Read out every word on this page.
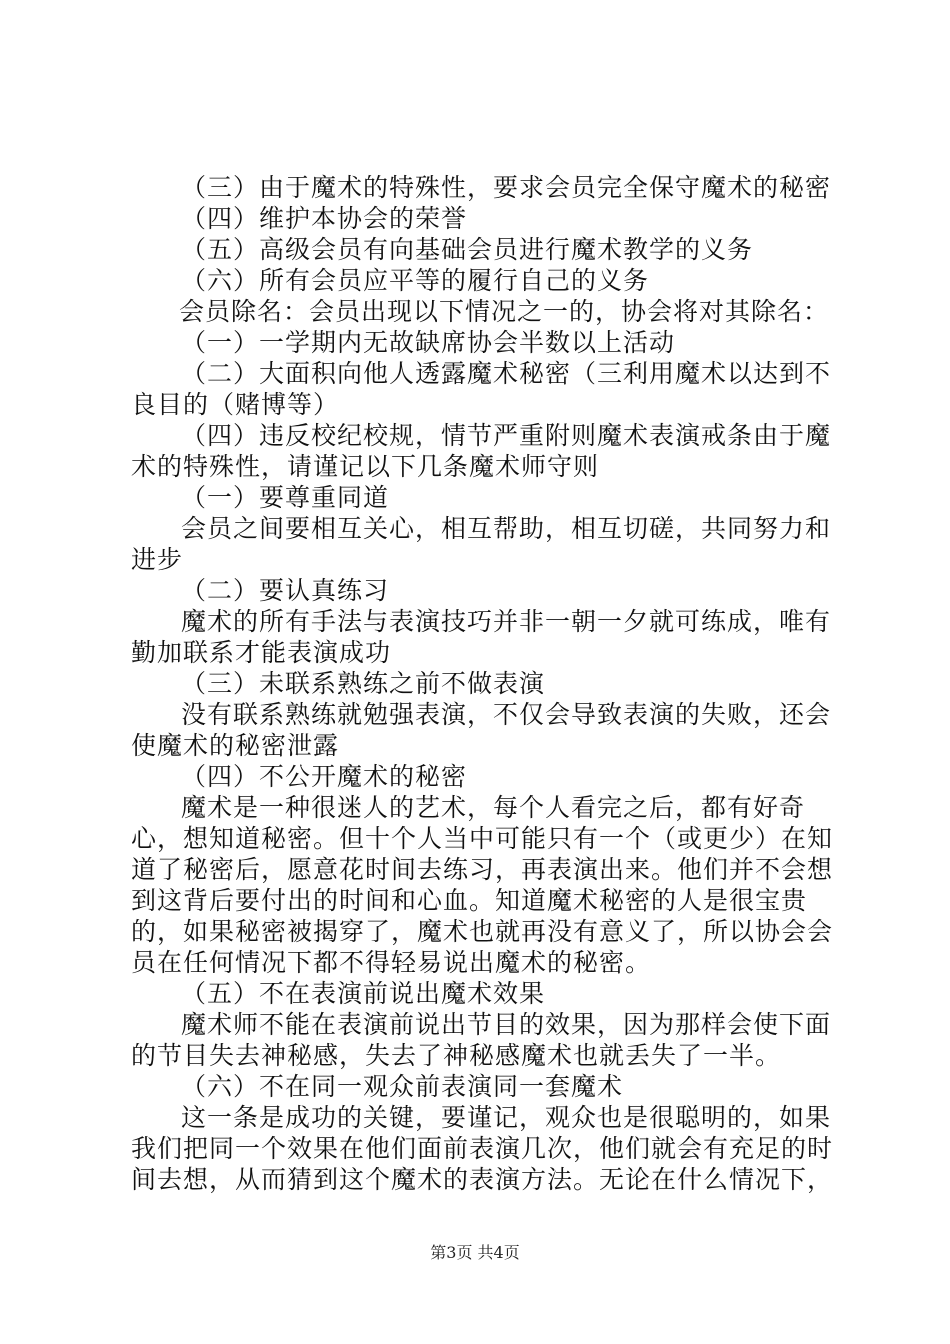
（三）由于魔术的特殊性，要求会员完全保守魔术的秘密

（四）维护本协会的荣誉

（五）高级会员有向基础会员进行魔术教学的义务

（六）所有会员应平等的履行自己的义务

会员除名：会员出现以下情况之一的，协会将对其除名：

（一）一学期内无故缺席协会半数以上活动

（二）大面积向他人透露魔术秘密（三利用魔术以达到不良目的（赌博等）

（四）违反校纪校规，情节严重附则魔术表演戒条由于魔术的特殊性，请谨记以下几条魔术师守则

（一）要尊重同道

会员之间要相互关心，相互帮助，相互切磋，共同努力和进步

（二）要认真练习

魔术的所有手法与表演技巧并非一朝一夕就可练成，唯有勤加联系才能表演成功

（三）未联系熟练之前不做表演

没有联系熟练就勉强表演，不仅会导致表演的失败，还会使魔术的秘密泄露

（四）不公开魔术的秘密

魔术是一种很迷人的艺术，每个人看完之后，都有好奇心，想知道秘密。但十个人当中可能只有一个（或更少）在知道了秘密后，愿意花时间去练习，再表演出来。他们并不会想到这背后要付出的时间和心血。知道魔术秘密的人是很宝贵的，如果秘密被揭穿了，魔术也就再没有意义了，所以协会会员在任何情况下都不得轻易说出魔术的秘密。

（五）不在表演前说出魔术效果

魔术师不能在表演前说出节目的效果，因为那样会使下面的节目失去神秘感，失去了神秘感魔术也就丢失了一半。

（六）不在同一观众前表演同一套魔术

这一条是成功的关键，要谨记，观众也是很聪明的，如果我们把同一个效果在他们面前表演几次，他们就会有充足的时间去想，从而猜到这个魔术的表演方法。无论在什么情况下，

第3页 共4页
